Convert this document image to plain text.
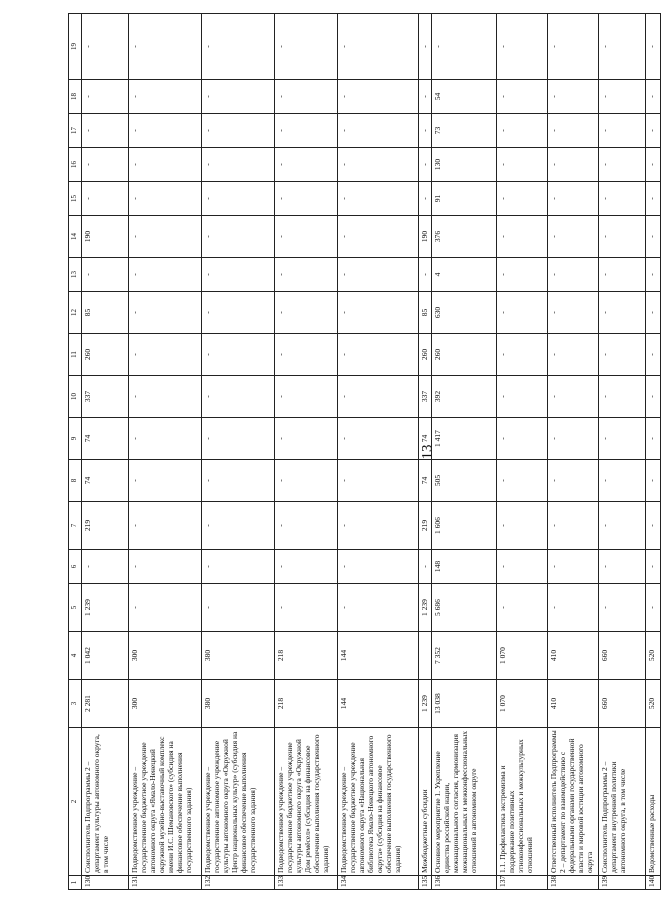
13
1	2	3	4	5	6	7	8	9	10	11	12	13	14	15	16	17	18	19
130	Соисполнитель Подпрограммы 2 – департамент культуры автономного округа, в том числе	2 281	1 042	1 239	-	219	74	74	337	260	85	-	190	-	-	-	-	-
131	Подведомственное учреждение – государственное бюджетное учреждение автономного округа «Ямало-Ненецкий окружной музейно-выставочный комплекс имени И.С. Шемановского» (субсидия на финансовое обеспечение выполнения государственного задания)	300	300	-	-	-	-	-	-	-	-	-	-	-	-	-	-	-
132	Подведомственное учреждение – государственное автономное учреждение культуры автономного округа «Окружной Центр национальных культур» (субсидия на финансовое обеспечение выполнения государственного задания)	380	380	-	-	-	-	-	-	-	-	-	-	-	-	-	-	-
133	Подведомственное учреждение – государственное бюджетное учреждение культуры автономного округа «Окружной Дом ремёсел» (субсидия на финансовое обеспечение выполнения государственного задания)	218	218	-	-	-	-	-	-	-	-	-	-	-	-	-	-	-
134	Подведомственное учреждение – государственное бюджетное учреждение автономного округа «Национальная библиотека Ямало-Ненецкого автономного округа» (субсидия на финансовое обеспечение выполнения государственного задания)	144	144	-	-	-	-	-	-	-	-	-	-	-	-	-	-	-
135	Межбюджетные субсидии	1 239		1 239	-	219	74	74	337	260	85	-	190	-	-	-	-	-
136	Основное мероприятие 1. Укрепление единства российской нации, межнационального согласия, гармонизация межнациональных и межконфессиональных отношений в автономном округе	13 038	7 352	5 686	148	1 606	505	1 417	392	260	630	4	376	91	130	73	54	-
137	1.1. Профилактика экстремизма и поддержание позитивных этноконфессиональных и межкультурных отношений	1 070	1 070	-	-	-	-	-	-	-	-	-	-	-	-	-	-	-
138	Ответственный исполнитель Подпрограммы 2 – департамент по взаимодействию с федеральными органами государственной власти и мировой юстиции автономного округа	410	410	-	-	-	-	-	-	-	-	-	-	-	-	-	-	-
139	Соисполнитель Подпрограммы 2 – департамент внутренней политики автономного округа, в том числе	660	660	-	-	-	-	-	-	-	-	-	-	-	-	-	-	-
140	Ведомственные расходы	520	520	-	-	-	-	-	-	-	-	-	-	-	-	-	-	-
